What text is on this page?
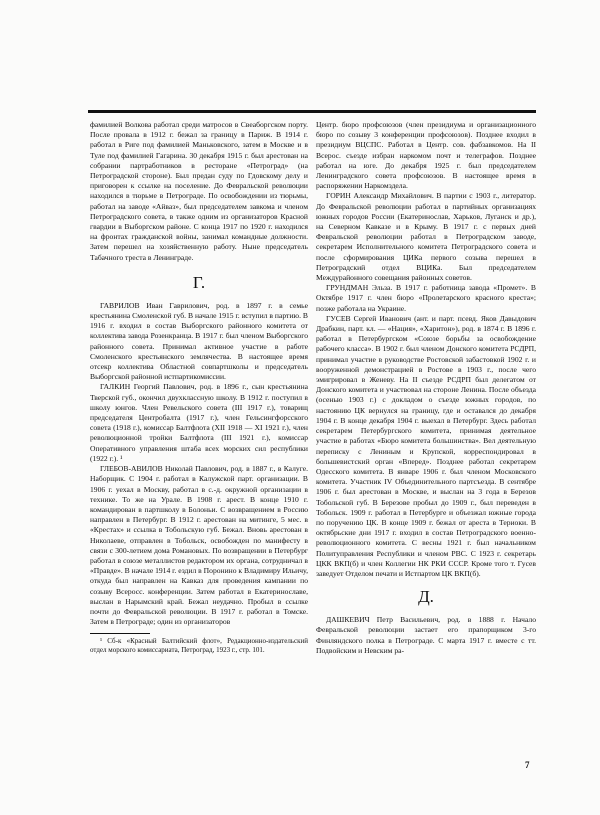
фамилией Волкова работал среди матросов в Свеаборгском порту. После провала в 1912 г. бежал за границу в Париж. В 1914 г. работал в Риге под фамилией Маньковского, затем в Москве и в Туле под фамилией Гагарина. 30 декабря 1915 г. был арестован на собрании партработников в ресторане «Петроград» (на Петроградской стороне). Был предан суду по Гдовскому делу и приговорен к ссылке на поселение. До Февральской революции находился в тюрьме в Петрограде. По освобождении из тюрьмы, работал на заводе «Айваз», был председателем завкома и членом Петроградского совета, в также одним из организаторов Красной гвардии в Выборгском районе. С конца 1917 по 1920 г. находился на фронтах гражданской войны, занимал командные должности. Затем перешел на хозяйственную работу. Ныне председатель Табачного треста в Ленинграде.

Г.

ГАВРИЛОВ Иван Гаврилович, род. в 1897 г. в семье крестьянина Смоленской губ. В начале 1915 г. вступил в партию. В 1916 г. входил в состав Выборгского районного комитета от коллектива завода Розенкранца. В 1917 г. был членом Выборгского районного совета. Принимал активное участие в работе Смоленского крестьянского землячества. В настоящее время отсекр коллектива Областной совпартшколы и председатель Выборгской районной истпартикомиссии.

ГАЛКИН Георгий Павлович, род. в 1896 г., сын крестьянина Тверской губ., окончил двухклассную школу. В 1912 г. поступил в школу юнгов. Член Ревельского совета (III 1917 г.), товарищ председателя Центробалта (1917 г.), член Гельсингфорсского совета (1918 г.), комиссар Балтфлота (XII 1918 — XI 1921 г.), член революционной тройки Балтфлота (III 1921 г.), комиссар Оперативного управления штаба всех морских сил республики (1922 г.). ¹

ГЛЕБОВ-АВИЛОВ Николай Павлович, род. в 1887 г., в Калуге. Наборщик. С 1904 г. работал в Калужской парт. организации. В 1906 г. уехал в Москву, работал в с.-д. окружной организации в технике. То же на Урале. В 1908 г. арест. В конце 1910 г. командирован в партшколу в Болоньи. С возвращением в Россию направлен в Петербург. В 1912 г. арестован на митинге, 5 мес. в «Крестах» и ссылка в Тобольскую губ. Бежал. Вновь арестован в Николаеве, отправлен в Тобольск, освобожден по манифесту в связи с 300-летием дома Романовых. По возвращении в Петербург работал в союзе металлистов редактором их органа, сотрудничал в «Правде». В начале 1914 г. ездил в Поронино к Владимиру Ильичу, откуда был направлен на Кавказ для проведения кампании по созыву Всеросс. конференции. Затем работал в Екатеринославе, выслан в Нарымский край. Бежал неудачно. Пробыл в ссылке почти до Февральской революции. В 1917 г. работал в Томске. Затем в Петрограде; один из организаторов

¹ Сб-к «Красный Балтийский флот», Редакционно-издательский отдел морского комиссариата, Петроград, 1923 г., стр. 101.

Центр. бюро профсоюзов (член президиума и организационного бюро по созыву 3 конференции профсоюзов). Позднее входил в президиум ВЦСПС. Работал в Центр. сов. фабзавкомов. На II Всерос. съезде избран наркомом почт и телеграфов. Позднее работал на юге. До декабря 1925 г. был председателем Ленинградского совета профсоюзов. В настоящее время в распоряжении Наркомздела.

ГОРИН Александр Михайлович. В партии с 1903 г., литератор. До Февральской революции работал в партийных организациях южных городов России (Екатеринослав, Харьков, Луганск и др.), на Северном Кавказе и в Крыму. В 1917 г. с первых дней Февральской революции работал в Петроградском заводе, секретарем Исполнительного комитета Петроградского совета и после сформирования ЦИКа первого созыва перешел в Петроградский отдел ВЦИКа. Был председателем Междурайонного совещания районных советов.

ГРУНДМАН Эльза. В 1917 г. работница завода «Промет». В Октябре 1917 г. член бюро «Пролетарского красного креста»; позже работала на Украине.

ГУСЕВ Сергей Иванович (ант. и парт. псевд. Яков Давыдович Драбкин, парт. кл. — «Нация», «Харитон»), род. в 1874 г. В 1896 г. работал в Петербургском «Союзе борьбы за освобождение рабочего класса». В 1902 г. был членом Донского комитета РСДРП, принимал участие в руководстве Ростовской забастовкой 1902 г. и вооруженной демонстрацией в Ростове в 1903 г., после чего эмигрировал в Женеву. На II съезде РСДРП был делегатом от Донского комитета и участвовал на стороне Ленина. После объезда (осенью 1903 г.) с докладом о съезде южных городов, по настоянию ЦК вернулся на границу, где и оставался до декабря 1904 г. В конце декабря 1904 г. выехал в Петербург. Здесь работал секретарем Петербургского комитета, принимая деятельное участие в работах «Бюро комитета большинства». Вел деятельную переписку с Лениным и Крупской, корреспондировал в большевистский орган «Вперед». Позднее работал секретарем Одесского комитета. В январе 1906 г. был членом Московского комитета. Участник IV Объединительного партсъезда. В сентябре 1906 г. был арестован в Москве, и выслан на 3 года в Березов Тобольской губ. В Березове пробыл до 1909 г., был переведен в Тобольск. 1909 г. работал в Петербурге и объезжал южные города по поручению ЦК. В конце 1909 г. бежал от ареста в Териоки. В октябрьские дни 1917 г. входил в состав Петроградского военно-революционного комитета. С весны 1921 г. был начальником Политуправления Республики и членом РВС. С 1923 г. секретарь ЦКК ВКП(б) и член Коллегии НК РКИ СССР. Кроме того т. Гусев заведует Отделом печати и Истпартом ЦК ВКП(б).

Д.

ДАШКЕВИЧ Петр Васильевич, род. в 1888 г. Начало Февральской революции застает его прапорщиком 3-го Финляндского полка в Петрограде. С марта 1917 г. вместе с тт. Подвойским и Невским ра-

7
